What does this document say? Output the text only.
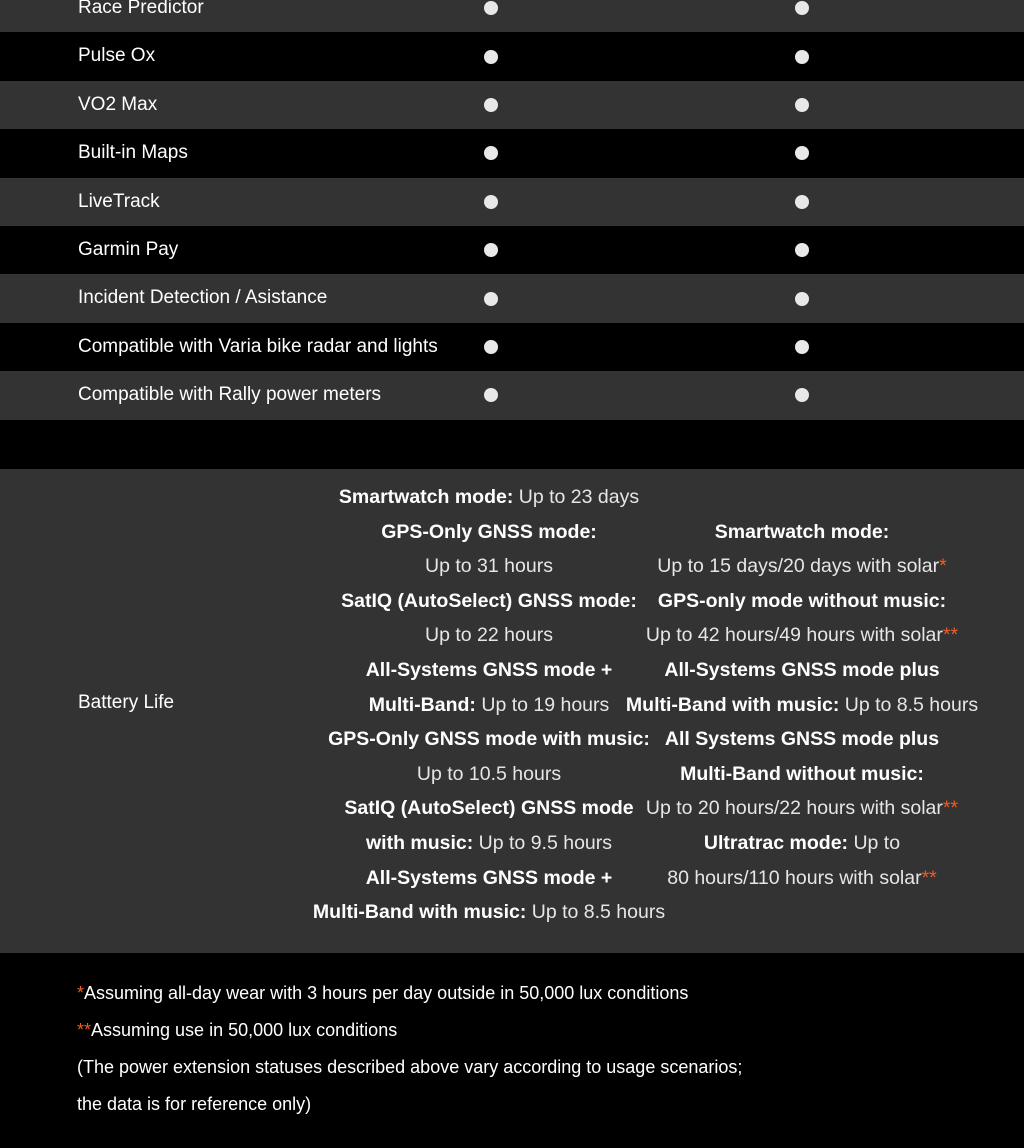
Race Predictor
Pulse Ox
VO2 Max
Built-in Maps
LiveTrack
Garmin Pay
Incident Detection / Asistance
Compatible with Varia bike radar and lights
Compatible with Rally power meters
Battery Life
Smartwatch mode: Up to 23 days
GPS-Only GNSS mode:
Up to 31 hours
SatIQ (AutoSelect) GNSS mode:
Up to 22 hours
All-Systems GNSS mode +
Multi-Band: Up to 19 hours
GPS-Only GNSS mode with music:
Up to 10.5 hours
SatIQ (AutoSelect) GNSS mode
with music: Up to 9.5 hours
All-Systems GNSS mode +
Multi-Band with music: Up to 8.5 hours
Smartwatch mode:
Up to 15 days/20 days with solar*
GPS-only mode without music:
Up to 42 hours/49 hours with solar**
All-Systems GNSS mode plus
Multi-Band with music: Up to 8.5 hours
All Systems GNSS mode plus
Multi-Band without music:
Up to 20 hours/22 hours with solar**
Ultratrac mode: Up to
80 hours/110 hours with solar**
*Assuming all-day wear with 3 hours per day outside in 50,000 lux conditions
**Assuming use in 50,000 lux conditions
(The power extension statuses described above vary according to usage scenarios;
the data is for reference only)
